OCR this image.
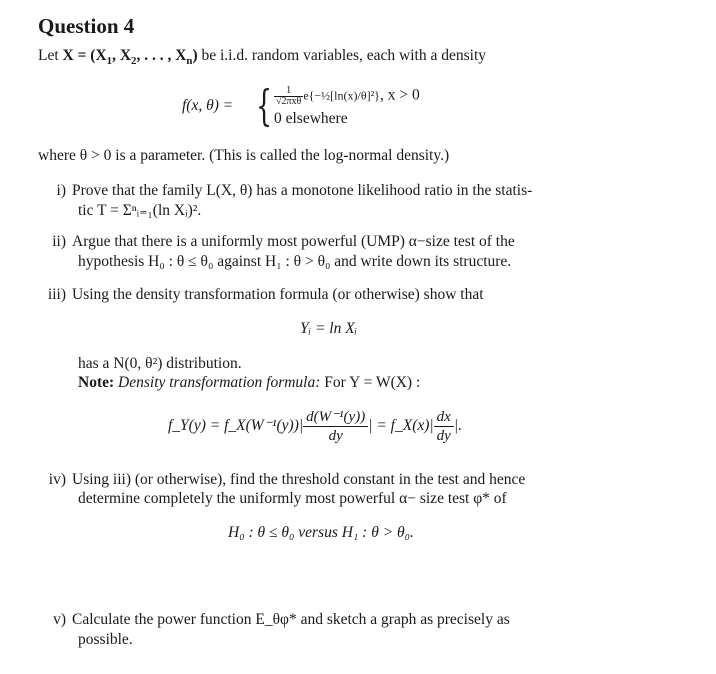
Question 4
Let $X = (X_1$, $X_2$, . . . , $X_n$) be i.i.d. random variables, each with a density
f(x, θ) = { $\frac{1}{\text{√2πxθ}}$ e{−½[ln(x)/θ]²}, x > 0
0 elsewhere
where θ > 0 is a parameter. (This is called the log-normal density.)
i) Prove that the family L(X, θ) has a monotone likelihood ratio in the statis-
tic T = Σⁿᵢ₌₁(ln Xᵢ)².
ii) Argue that there is a uniformly most powerful (UMP) α−size test of the
hypothesis H₀ : θ ≤ θ₀ against H₁ : θ > θ₀ and write down its structure.
iii) Using the density transformation formula (or otherwise) show that
Yᵢ = ln Xᵢ
has a N(0, θ²) distribution.
Note: Density transformation formula: For Y = W(X) :
f_Y(y) = f_X(W⁻¹(y))| $\frac{\text{d(W⁻¹(y))}}{dy}$ | = f_X(x)| $\frac{dx}{dy}$ |.
iv) Using iii) (or otherwise), find the threshold constant in the test and hence
determine completely the uniformly most powerful α− size test φ* of
H₀ : θ ≤ θ₀ versus H₁ : θ > θ₀.
v) Calculate the power function E_θφ* and sketch a graph as precisely as
possible.
